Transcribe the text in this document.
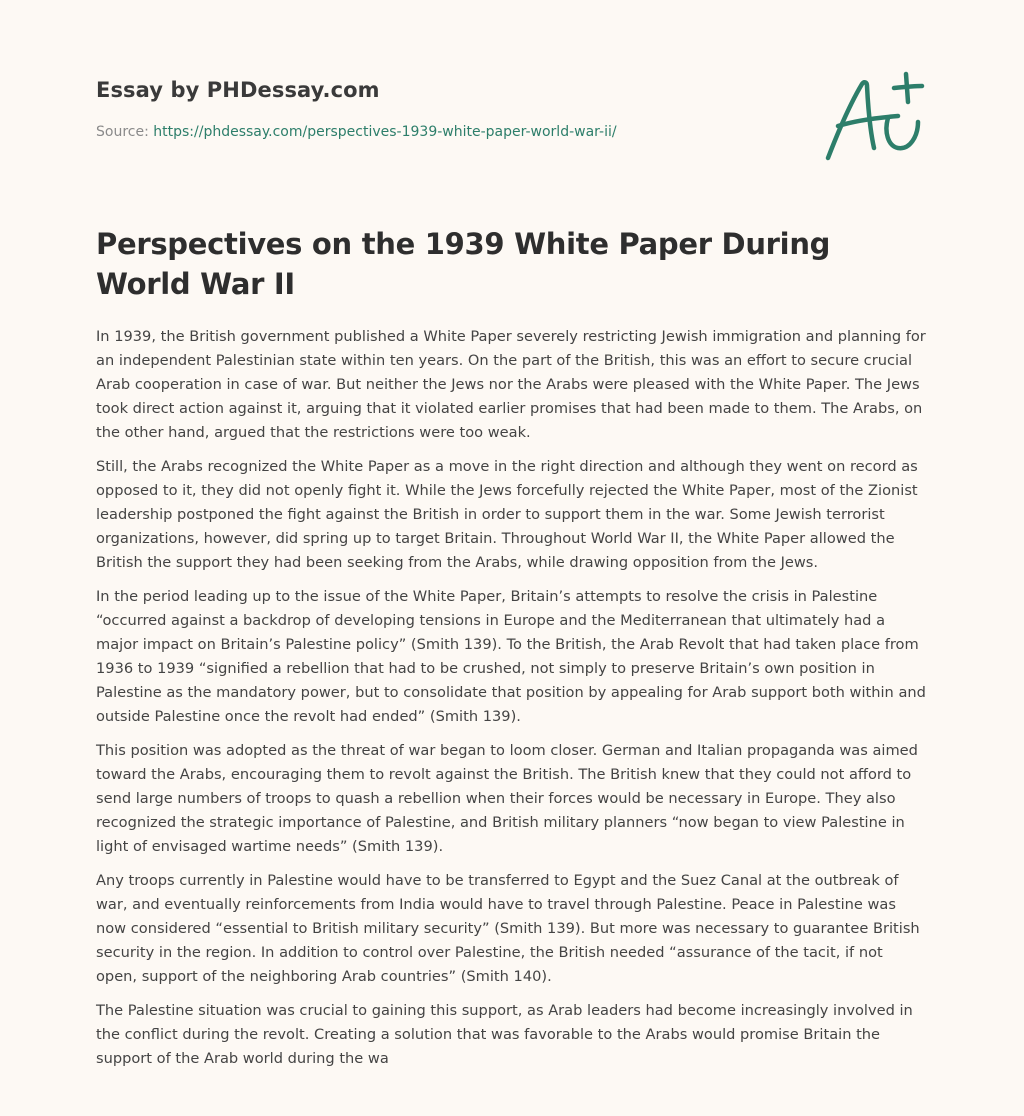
Essay by PHDessay.com
Source: https://phdessay.com/perspectives-1939-white-paper-world-war-ii/
Perspectives on the 1939 White Paper During World War II

In 1939, the British government published a White Paper severely restricting Jewish immigration and planning for an independent Palestinian state within ten years. On the part of the British, this was an effort to secure crucial Arab cooperation in case of war. But neither the Jews nor the Arabs were pleased with the White Paper. The Jews took direct action against it, arguing that it violated earlier promises that had been made to them. The Arabs, on the other hand, argued that the restrictions were too weak.

Still, the Arabs recognized the White Paper as a move in the right direction and although they went on record as opposed to it, they did not openly fight it. While the Jews forcefully rejected the White Paper, most of the Zionist leadership postponed the fight against the British in order to support them in the war. Some Jewish terrorist organizations, however, did spring up to target Britain. Throughout World War II, the White Paper allowed the British the support they had been seeking from the Arabs, while drawing opposition from the Jews.

In the period leading up to the issue of the White Paper, Britain’s attempts to resolve the crisis in Palestine “occurred against a backdrop of developing tensions in Europe and the Mediterranean that ultimately had a major impact on Britain’s Palestine policy” (Smith 139). To the British, the Arab Revolt that had taken place from 1936 to 1939 “signified a rebellion that had to be crushed, not simply to preserve Britain’s own position in Palestine as the mandatory power, but to consolidate that position by appealing for Arab support both within and outside Palestine once the revolt had ended” (Smith 139).

This position was adopted as the threat of war began to loom closer. German and Italian propaganda was aimed toward the Arabs, encouraging them to revolt against the British. The British knew that they could not afford to send large numbers of troops to quash a rebellion when their forces would be necessary in Europe. They also recognized the strategic importance of Palestine, and British military planners “now began to view Palestine in light of envisaged wartime needs” (Smith 139).

Any troops currently in Palestine would have to be transferred to Egypt and the Suez Canal at the outbreak of war, and eventually reinforcements from India would have to travel through Palestine. Peace in Palestine was now considered “essential to British military security” (Smith 139). But more was necessary to guarantee British security in the region. In addition to control over Palestine, the British needed “assurance of the tacit, if not open, support of the neighboring Arab countries” (Smith 140).

The Palestine situation was crucial to gaining this support, as Arab leaders had become increasingly involved in the conflict during the revolt. Creating a solution that was favorable to the Arabs would promise Britain the support of the Arab world during the wa
